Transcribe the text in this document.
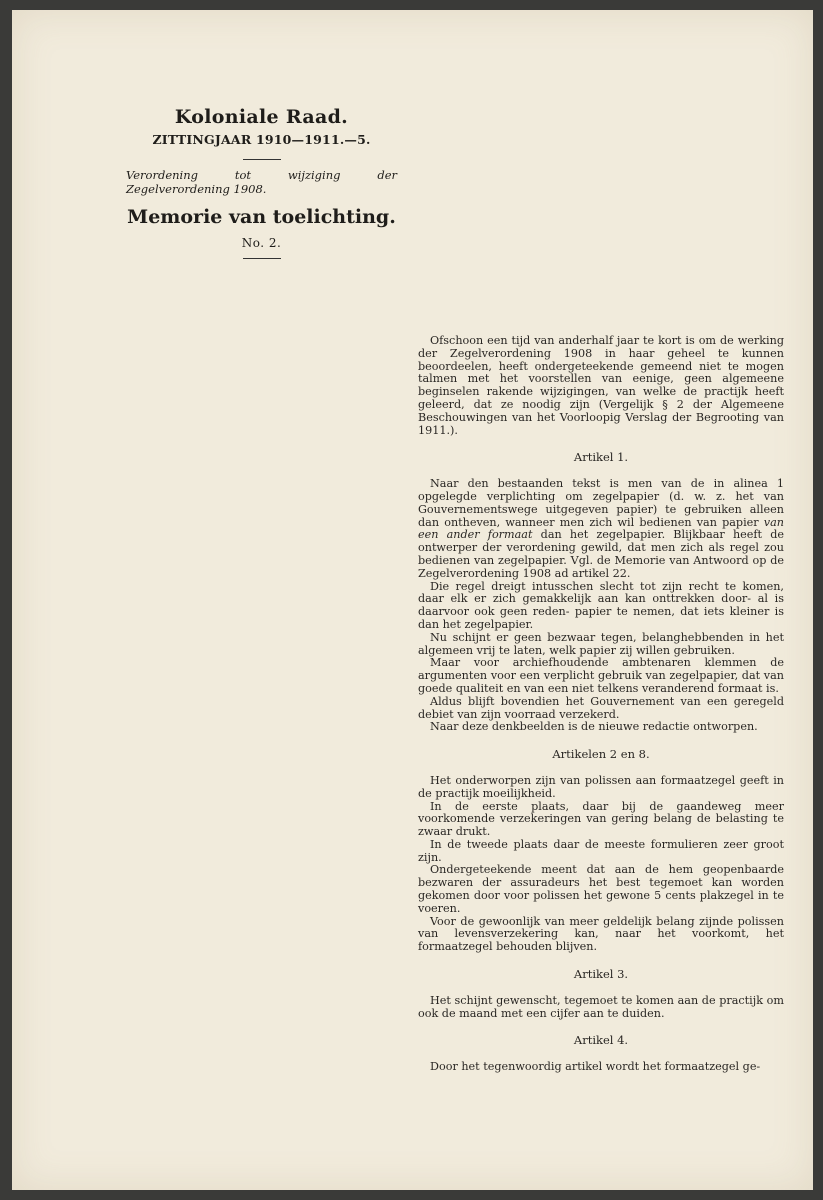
Koloniale Raad.
ZITTINGJAAR 1910—1911.—5.
Verordening tot wijziging der Zegelverordening 1908.
Memorie van toelichting.
No. 2.

Ofschoon een tijd van anderhalf jaar te kort is om de werking der Zegelverordening 1908 in haar geheel te kunnen beoordeelen, heeft ondergeteekende gemeend niet te mogen talmen met het voorstellen van eenige, geen algemeene beginselen rakende wijzigingen, van welke de practijk heeft geleerd, dat ze noodig zijn (Vergelijk § 2 der Algemeene Beschouwingen van het Voorloopig Verslag der Begrooting van 1911.).

Artikel 1.

Naar den bestaanden tekst is men van de in alinea 1 opgelegde verplichting om zegelpapier (d. w. z. het van Gouvernementswege uitgegeven papier) te gebruiken alleen dan ontheven, wanneer men zich wil bedienen van papier van een ander formaat dan het zegelpapier. Blijkbaar heeft de ontwerper der verordening gewild, dat men zich als regel zou bedienen van zegelpapier. Vgl. de Memorie van Antwoord op de Zegelverordening 1908 ad artikel 22.

Die regel dreigt intusschen slecht tot zijn recht te komen, daar elk er zich gemakkelijk aan kan onttrekken door- al is daarvoor ook geen reden- papier te nemen, dat iets kleiner is dan het zegelpapier.

Nu schijnt er geen bezwaar tegen, belanghebbenden in het algemeen vrij te laten, welk papier zij willen gebruiken.

Maar voor archiefhoudende ambtenaren klemmen de argumenten voor een verplicht gebruik van zegelpapier, dat van goede qualiteit en van een niet telkens veranderend formaat is.

Aldus blijft bovendien het Gouvernement van een geregeld debiet van zijn voorraad verzekerd.

Naar deze denkbeelden is de nieuwe redactie ontworpen.

Artikelen 2 en 8.

Het onderworpen zijn van polissen aan formaatzegel geeft in de practijk moeilijkheid.

In de eerste plaats, daar bij de gaandeweg meer voorkomende verzekeringen van gering belang de belasting te zwaar drukt.

In de tweede plaats daar de meeste formulieren zeer groot zijn.

Ondergeteekende meent dat aan de hem geopenbaarde bezwaren der assuradeurs het best tegemoet kan worden gekomen door voor polissen het gewone 5 cents plakzegel in te voeren.

Voor de gewoonlijk van meer geldelijk belang zijnde polissen van levensverzekering kan, naar het voorkomt, het formaatzegel behouden blijven.

Artikel 3.

Het schijnt gewenscht, tegemoet te komen aan de practijk om ook de maand met een cijfer aan te duiden.

Artikel 4.

Door het tegenwoordig artikel wordt het formaatzegel ge-
